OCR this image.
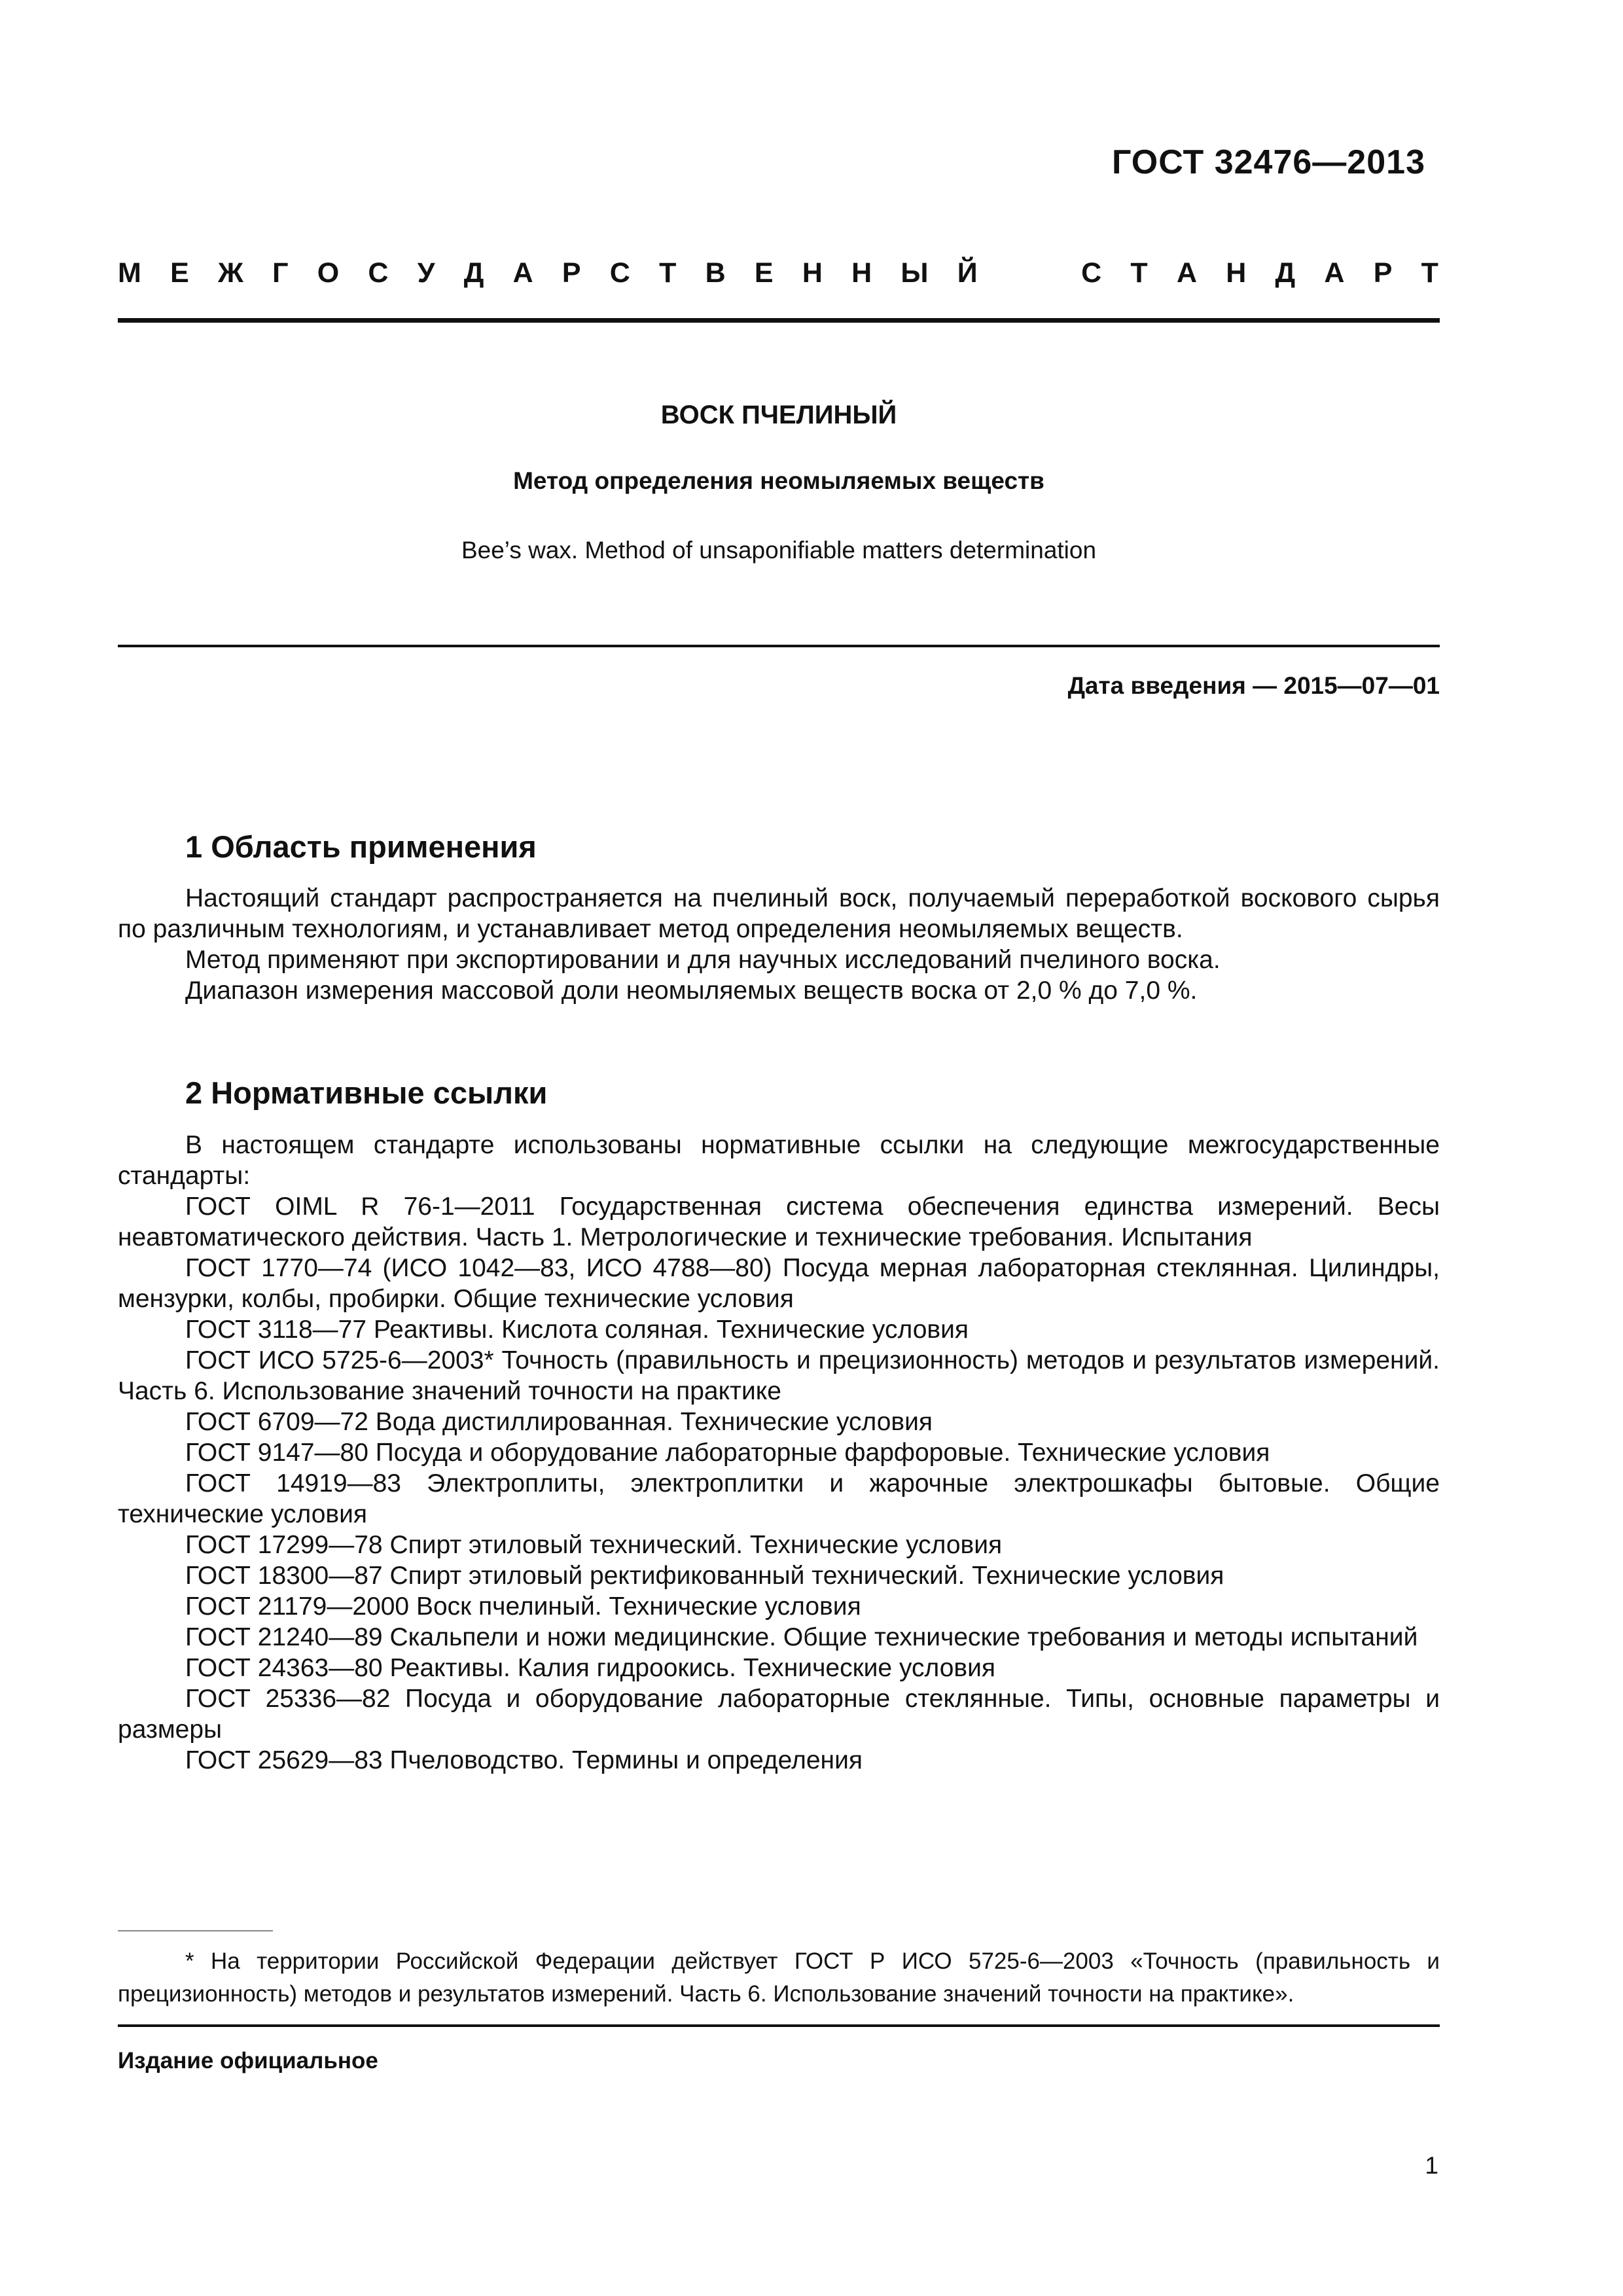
ГОСТ 32476—2013
М Е Ж Г О С У Д А Р С Т В Е Н Н Ы Й	С Т А Н Д А Р Т
ВОСК ПЧЕЛИНЫЙ
Метод определения неомыляемых веществ
Bee’s wax. Method of unsaponifiable matters determination
Дата введения — 2015—07—01
1 Область применения

Настоящий стандарт распространяется на пчелиный воск, получаемый переработкой воскового сырья по различным технологиям, и устанавливает метод определения неомыляемых веществ.

Метод применяют при экспортировании и для научных исследований пчелиного воска.

Диапазон измерения массовой доли неомыляемых веществ воска от 2,0 % до 7,0 %.

2 Нормативные ссылки

В настоящем стандарте использованы нормативные ссылки на следующие межгосударственные стандарты:

ГОСТ OIML R 76-1—2011 Государственная система обеспечения единства измерений. Весы неавтоматического действия. Часть 1. Метрологические и технические требования. Испытания

ГОСТ 1770—74 (ИСО 1042—83, ИСО 4788—80) Посуда мерная лабораторная стеклянная. Цилиндры, мензурки, колбы, пробирки. Общие технические условия

ГОСТ 3118—77 Реактивы. Кислота соляная. Технические условия

ГОСТ ИСО 5725-6—2003* Точность (правильность и прецизионность) методов и результатов измерений. Часть 6. Использование значений точности на практике

ГОСТ 6709—72 Вода дистиллированная. Технические условия

ГОСТ 9147—80 Посуда и оборудование лабораторные фарфоровые. Технические условия

ГОСТ 14919—83 Электроплиты, электроплитки и жарочные электрошкафы бытовые. Общие технические условия

ГОСТ 17299—78 Спирт этиловый технический. Технические условия

ГОСТ 18300—87 Спирт этиловый ректификованный технический. Технические условия

ГОСТ 21179—2000 Воск пчелиный. Технические условия

ГОСТ 21240—89 Скальпели и ножи медицинские. Общие технические требования и методы испытаний

ГОСТ 24363—80 Реактивы. Калия гидроокись. Технические условия

ГОСТ 25336—82 Посуда и оборудование лабораторные стеклянные. Типы, основные параметры и размеры

ГОСТ 25629—83 Пчеловодство. Термины и определения

* На территории Российской Федерации действует ГОСТ Р ИСО 5725-6—2003 «Точность (правильность и прецизионность) методов и результатов измерений. Часть 6. Использование значений точности на практике».
Издание официальное
1
